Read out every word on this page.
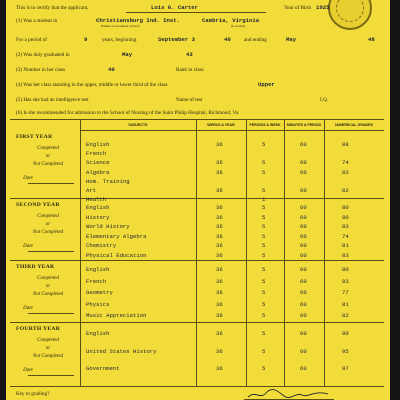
This is to certify that the applicant,	Lois G. Carter	Year of Birth 1925
(1) Was a student in	Christiansburg Ind. Inst.	Cambria, Virginia
(Name of secondary school)	(Location)
For a period of	9	years, beginning	September 3	40	and ending	May	48
(2) Was duly graduated in	May	43
(3) Number in her class	40	Rank in class
(4) Was her class standing in the upper, middle or lower third of the class	Upper
(5) Has she had an intelligence test	Name of test	I.Q.
(6) Is she recommended for admission to the School of Nursing of the Saint Philip Hospital, Richmond, Va.
SUBJECTS	WEEKS A YEAR	PERIODS A WEEK	MINUTES A PERIOD	NUMERICAL GRADES
FIRST YEAR
Completed
or
Not Completed
Date
English	36	5	60	88
French
Science	36	5	60	74
Algebra	36	5	60	83
Hom. Training
Art	36	5	60	82
Health	1
SECOND YEAR
Completed
or
Not Completed
Date
English	36	5	60	80
History	36	5	60	80
World History	36	5	60	83
Elementary Algebra	36	5	60	74
Chemistry	36	5	60	81
Physical Education	36	5	60	83
THIRD YEAR
Completed
or
Not Completed
Date
English	36	5	60	80
French	36	5	60	83
Geometry	36	5	60	77
Physics	36	5	60	81
Music Appreciation	36	5	60	82
FOURTH YEAR
Completed
or
Not Completed
Date
English	36	5	60	90
United States History	36	5	60	95
Government	36	5	60	97
Key to grading?
